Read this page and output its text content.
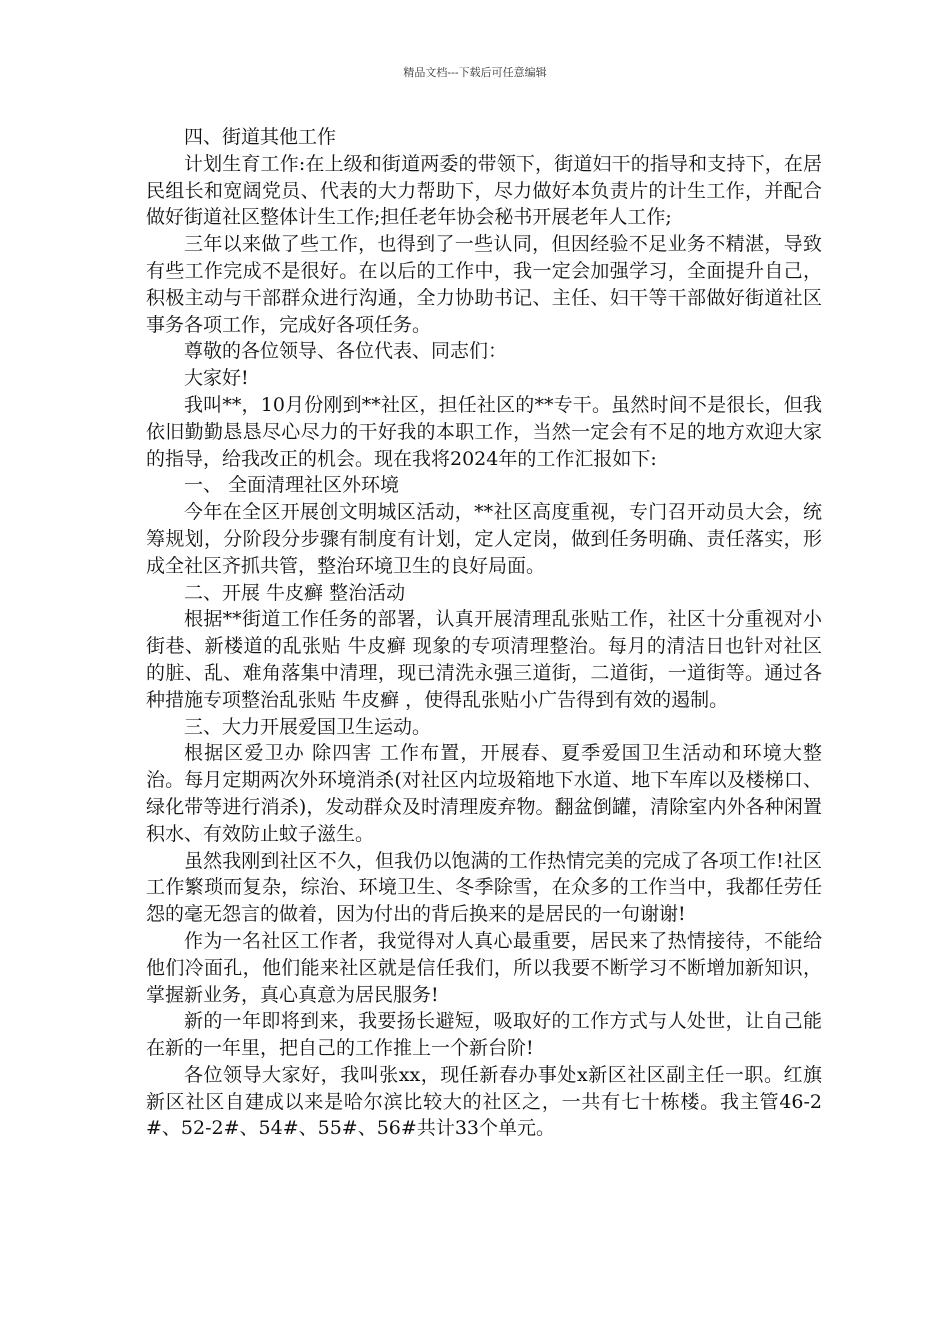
精品文档---下载后可任意编辑

四、街道其他工作

计划生育工作:在上级和街道两委的带领下，街道妇干的指导和支持下，在居民组长和宽阔党员、代表的大力帮助下，尽力做好本负责片的计生工作，并配合做好街道社区整体计生工作;担任老年协会秘书开展老年人工作;

三年以来做了些工作，也得到了一些认同，但因经验不足业务不精湛，导致有些工作完成不是很好。在以后的工作中，我一定会加强学习，全面提升自己，积极主动与干部群众进行沟通，全力协助书记、主任、妇干等干部做好街道社区事务各项工作，完成好各项任务。

尊敬的各位领导、各位代表、同志们：

大家好!

我叫**，10月份刚到**社区，担任社区的**专干。虽然时间不是很长，但我依旧勤勤恳恳尽心尽力的干好我的本职工作，当然一定会有不足的地方欢迎大家的指导，给我改正的机会。现在我将2024年的工作汇报如下:

一、 全面清理社区外环境

今年在全区开展创文明城区活动，**社区高度重视，专门召开动员大会，统筹规划，分阶段分步骤有制度有计划，定人定岗，做到任务明确、责任落实，形成全社区齐抓共管，整治环境卫生的良好局面。

二、开展 牛皮癣 整治活动

根据**街道工作任务的部署，认真开展清理乱张贴工作，社区十分重视对小街巷、新楼道的乱张贴 牛皮癣 现象的专项清理整治。每月的清洁日也针对社区的脏、乱、难角落集中清理，现已清洗永强三道街，二道街，一道街等。通过各种措施专项整治乱张贴 牛皮癣 ，使得乱张贴小广告得到有效的遏制。

三、大力开展爱国卫生运动。

根据区爱卫办 除四害 工作布置，开展春、夏季爱国卫生活动和环境大整治。每月定期两次外环境消杀(对社区内垃圾箱地下水道、地下车库以及楼梯口、绿化带等进行消杀)，发动群众及时清理废弃物。翻盆倒罐，清除室内外各种闲置积水、有效防止蚊子滋生。

虽然我刚到社区不久，但我仍以饱满的工作热情完美的完成了各项工作!社区工作繁琐而复杂，综治、环境卫生、冬季除雪，在众多的工作当中，我都任劳任怨的毫无怨言的做着，因为付出的背后换来的是居民的一句谢谢!

作为一名社区工作者，我觉得对人真心最重要，居民来了热情接待，不能给他们冷面孔，他们能来社区就是信任我们，所以我要不断学习不断增加新知识，掌握新业务，真心真意为居民服务!

新的一年即将到来，我要扬长避短，吸取好的工作方式与人处世，让自己能在新的一年里，把自己的工作推上一个新台阶!

各位领导大家好，我叫张xx，现任新春办事处x新区社区副主任一职。红旗新区社区自建成以来是哈尔滨比较大的社区之，一共有七十栋楼。我主管46-2#、52-2#、54#、55#、56#共计33个单元。
